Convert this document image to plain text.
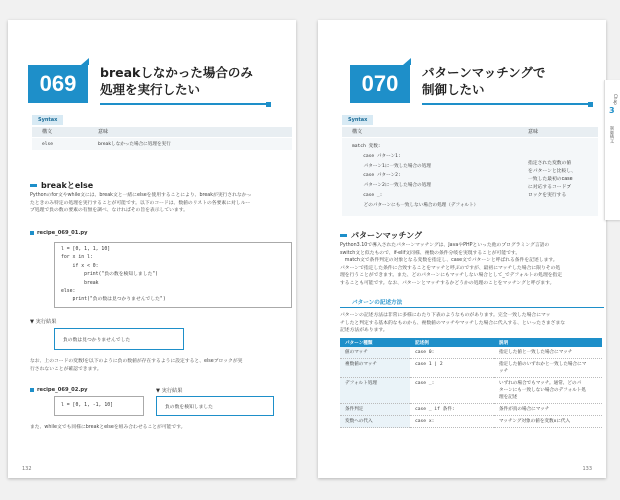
069	breakしなかった場合のみ
処理を実行したい
Syntax
構文	意味
else	breakしなかった場合に処理を実行
breakとelse
Pythonのfor文やwhile文には、break文と一緒にelseを使用することにより、breakが実行されなかっ
たときのみ特定の処理を実行することが可能です。以下のコードは、数値のリストの各要素に対しルー
プ処理で負の数の要素の有無を調べ、なければその旨を表示しています。
recipe_069_01.py
l = [0, 1, 1, 10]
for x in l:
if x < 0:
print("負の数を検知しました")
break
else:
print("負の数は見つかりませんでした")
▼ 実行結果
負の数は見つかりませんでした
なお、上のコードの変数lを以下のように負の数値が存在するように設定すると、elseブロックが実
行されないことが確認できます。
recipe_069_02.py
l = [0, 1, -1, 10]
▼ 実行結果
負の数を検知しました
また、while文でも同様にbreakとelseを組み合わせることが可能です。
132
070	パターンマッチングで
制御したい
Syntax
構文	意味
match 変数:
case パターン1:
パターン1に一致した場合の処理
case パターン2:
パターン2に一致した場合の処理
case _:
どのパターンにも一致しない場合の処理（デフォルト）
指定された変数の値
をパターンと比較し、
一致した最初のcase
に対応するコードブ
ロックを実行する
パターンマッチング
Python3.10で導入されたパターンマッチングは、JavaやPHPといった他のプログラミング言語の
switch文と似たもので、if-elif文同様、複数の条件分岐を実現することが可能です。
　match文で条件判定の対象となる変数を指定し、case文でパターンと呼ばれる条件を記述します。
パターンで指定した条件に合致することをマッチと呼ぶのですが、最初にマッチした場合に限りその処
理を行うことができます。また、どのパターンにもマッチしない場合として_でデフォルトの処理を指定
することも可能です。なお、パターンとマッチするかどうかの処理のことをマッチングと呼びます。
パターンの記述方法
パターンの記述方法は非常に多様にわたり下表のようなものがあります。完全一致した場合にマッ
チしたと判定する基本的なものから、複数値のマッチやマッチした場合に代入する、といったさまざまな
記述方法があります。
パターン種類	記述例	説明
値のマッチ	case 0:	指定した値と一致した場合にマッチ

複数値のマッチ	case 1 | 2	指定した値のいずれかと一致した場合にマ
ッチ

デフォルト処理	case _:	いずれの場合でもマッチ。通常、どのパ
ターンにも一致しない場合のデフォルト処
理を記述

条件判定	case _ if 条件:	条件が真の場合にマッチ

変数への代入	case x:	マッチング対象の値を変数xに代入
133
Chap
3
制御構文
